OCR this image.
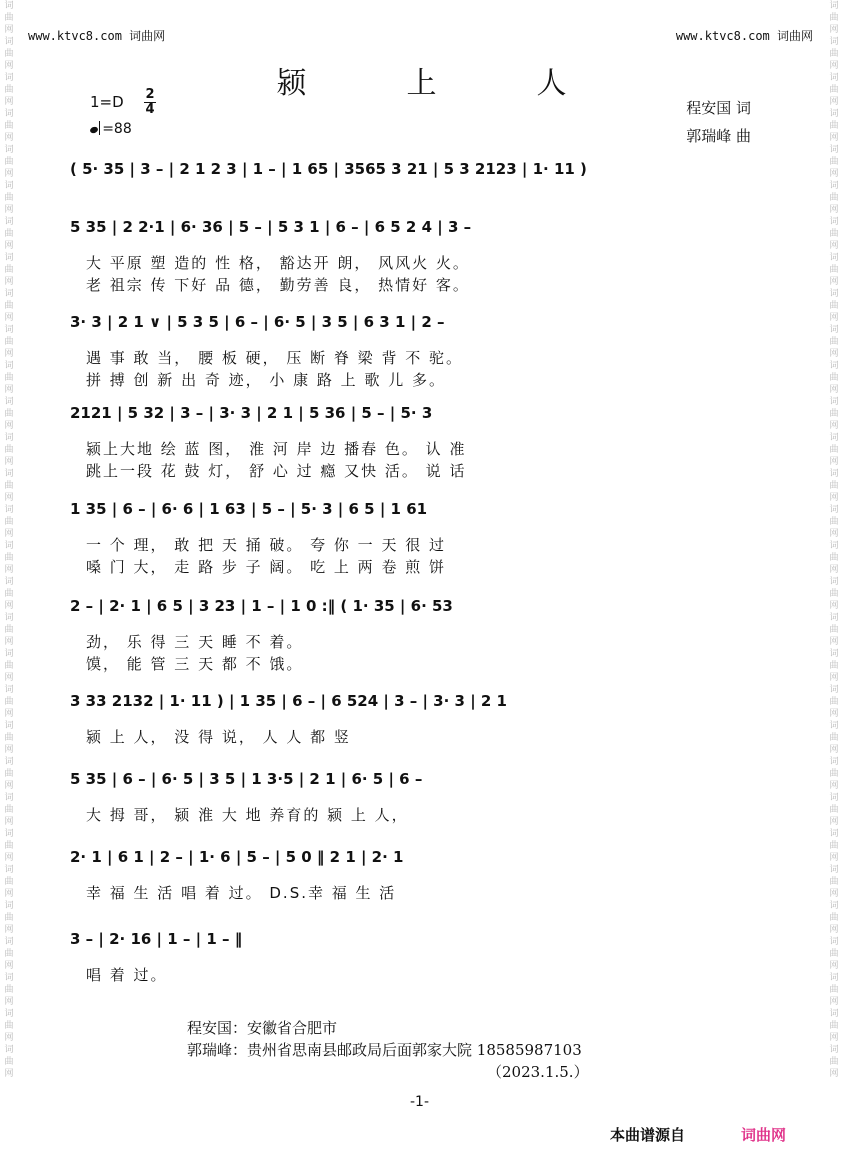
词曲网词曲网词曲网词曲网词曲网词曲网词曲网词曲网词曲网词曲网词曲网词曲网词曲网词曲网词曲网词曲网词曲网词曲网词曲网词曲网词曲网词曲网词曲网词曲网词曲网词曲网词曲网词曲网词曲网词曲网
词曲网词曲网词曲网词曲网词曲网词曲网词曲网词曲网词曲网词曲网词曲网词曲网词曲网词曲网词曲网词曲网词曲网词曲网词曲网词曲网词曲网词曲网词曲网词曲网词曲网词曲网词曲网词曲网词曲网词曲网
www.ktvc8.com 词曲网	www.ktvc8.com 词曲网
颍上人
1=D 2
4
=88
程安国 词
郭瑞峰 曲
( 5· 35 | 3 – | 2 1 2 3 | 1 – | 1 65 | 3565 3 21 | 5 3 2123 | 1· 11 )
5 35 | 2 2·1 | 6· 36 | 5 – | 5 3 1 | 6 – | 6 5 2 4 | 3 –
大 平原 塑 造的 性 格， 豁达开 朗， 风风火 火。
老 祖宗 传 下好 品 德， 勤劳善 良， 热情好 客。
3· 3 | 2 1 ∨ | 5 3 5 | 6 – | 6· 5 | 3 5 | 6 3 1 | 2 –
遇 事 敢 当， 腰 板 硬， 压 断 脊 梁 背 不 驼。
拼 搏 创 新 出 奇 迹， 小 康 路 上 歌 儿 多。
2121 | 5 32 | 3 – | 3· 3 | 2 1 | 5 36 | 5 – | 5· 3
颍上大地 绘 蓝 图， 淮 河 岸 边 播春 色。 认 准
跳上一段 花 鼓 灯， 舒 心 过 瘾 又快 活。 说 话
1 35 | 6 – | 6· 6 | 1 63 | 5 – | 5· 3 | 6 5 | 1 61
一 个 理， 敢 把 天 捅 破。 夸 你 一 天 很 过
嗓 门 大， 走 路 步 子 阔。 吃 上 两 卷 煎 饼
2 – | 2· 1 | 6 5 | 3 23 | 1 – | 1 0 :‖ ( 1· 35 | 6· 53
劲， 乐 得 三 天 睡 不 着。
馍， 能 管 三 天 都 不 饿。
3 33 2132 | 1· 11 ) | 1 35 | 6 – | 6 524 | 3 – | 3· 3 | 2 1
颍 上 人， 没 得 说， 人 人 都 竖
5 35 | 6 – | 6· 5 | 3 5 | 1 3·5 | 2 1 | 6· 5 | 6 –
大 拇 哥， 颍 淮 大 地 养育的 颍 上 人，
2· 1 | 6 1 | 2 – | 1· 6 | 5 – | 5 0 ‖ 2 1 | 2· 1
幸 福 生 活 唱 着 过。 D.S.幸 福 生 活
3 – | 2· 16 | 1 – | 1 – ‖
唱 着 过。
程安国：安徽省合肥市
郭瑞峰：贵州省思南县邮政局后面郭家大院 18585987103
（2023.1.5.）
-1-
本曲谱源自	词曲网
